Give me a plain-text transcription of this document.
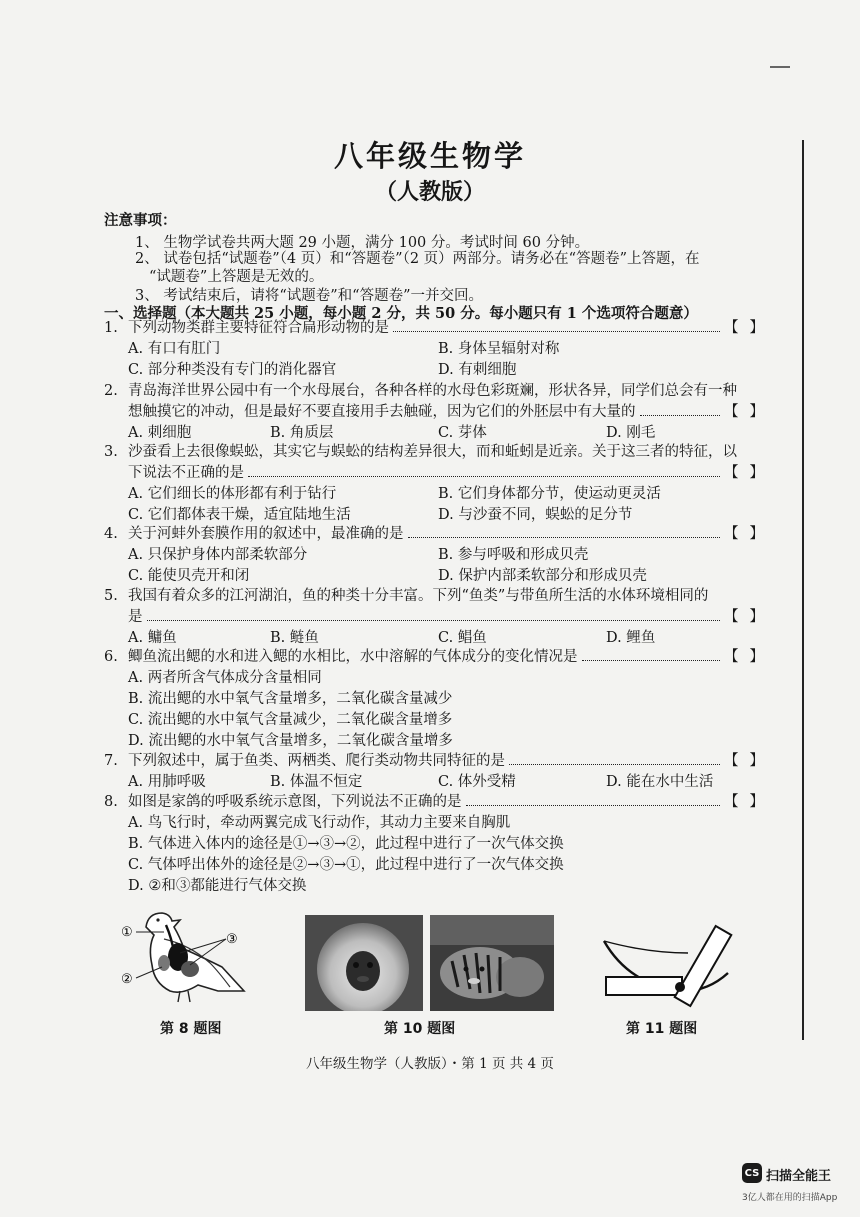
八年级生物学
（人教版）
注意事项：
1、 生物学试卷共两大题 29 小题，满分 100 分。考试时间 60 分钟。
2、 试卷包括“试题卷”（4 页）和“答题卷”（2 页）两部分。请务必在“答题卷”上答题，在
“试题卷”上答题是无效的。
3、 考试结束后，请将“试题卷”和“答题卷”一并交回。
一、选择题（本大题共 25 小题，每小题 2 分，共 50 分。每小题只有 1 个选项符合题意）
1. 下列动物类群主要特征符合扁形动物的是	【 】
A. 有口有肛门	B. 身体呈辐射对称
C. 部分种类没有专门的消化器官	D. 有刺细胞
2. 青岛海洋世界公园中有一个水母展台，各种各样的水母色彩斑斓，形状各异，同学们总会有一种
想触摸它的冲动，但是最好不要直接用手去触碰，因为它们的外胚层中有大量的	【 】
A. 刺细胞	B. 角质层	C. 芽体	D. 刚毛
3. 沙蚕看上去很像蜈蚣，其实它与蜈蚣的结构差异很大，而和蚯蚓是近亲。关于这三者的特征，以
下说法不正确的是	【 】
A. 它们细长的体形都有利于钻行	B. 它们身体都分节，使运动更灵活
C. 它们都体表干燥，适宜陆地生活	D. 与沙蚕不同，蜈蚣的足分节
4. 关于河蚌外套膜作用的叙述中，最准确的是	【 】
A. 只保护身体内部柔软部分	B. 参与呼吸和形成贝壳
C. 能使贝壳开和闭	D. 保护内部柔软部分和形成贝壳
5. 我国有着众多的江河湖泊，鱼的种类十分丰富。下列“鱼类”与带鱼所生活的水体环境相同的
是	【 】
A. 鳙鱼	B. 鲢鱼	C. 鲳鱼	D. 鲤鱼
6. 鲫鱼流出鳃的水和进入鳃的水相比，水中溶解的气体成分的变化情况是	【 】
A. 两者所含气体成分含量相同
B. 流出鳃的水中氧气含量增多，二氧化碳含量减少
C. 流出鳃的水中氧气含量减少，二氧化碳含量增多
D. 流出鳃的水中氧气含量增多，二氧化碳含量增多
7. 下列叙述中，属于鱼类、两栖类、爬行类动物共同特征的是	【 】
A. 用肺呼吸	B. 体温不恒定	C. 体外受精	D. 能在水中生活
8. 如图是家鸽的呼吸系统示意图，下列说法不正确的是	【 】
A. 鸟飞行时，牵动两翼完成飞行动作，其动力主要来自胸肌
B. 气体进入体内的途径是①→③→②，此过程中进行了一次气体交换
C. 气体呼出体外的途径是②→③→①，此过程中进行了一次气体交换
D. ②和③都能进行气体交换
①
②
③
第 8 题图	第 10 题图	第 11 题图
八年级生物学（人教版）・第 1 页 共 4 页
CS 扫描全能王
3亿人都在用的扫描App
